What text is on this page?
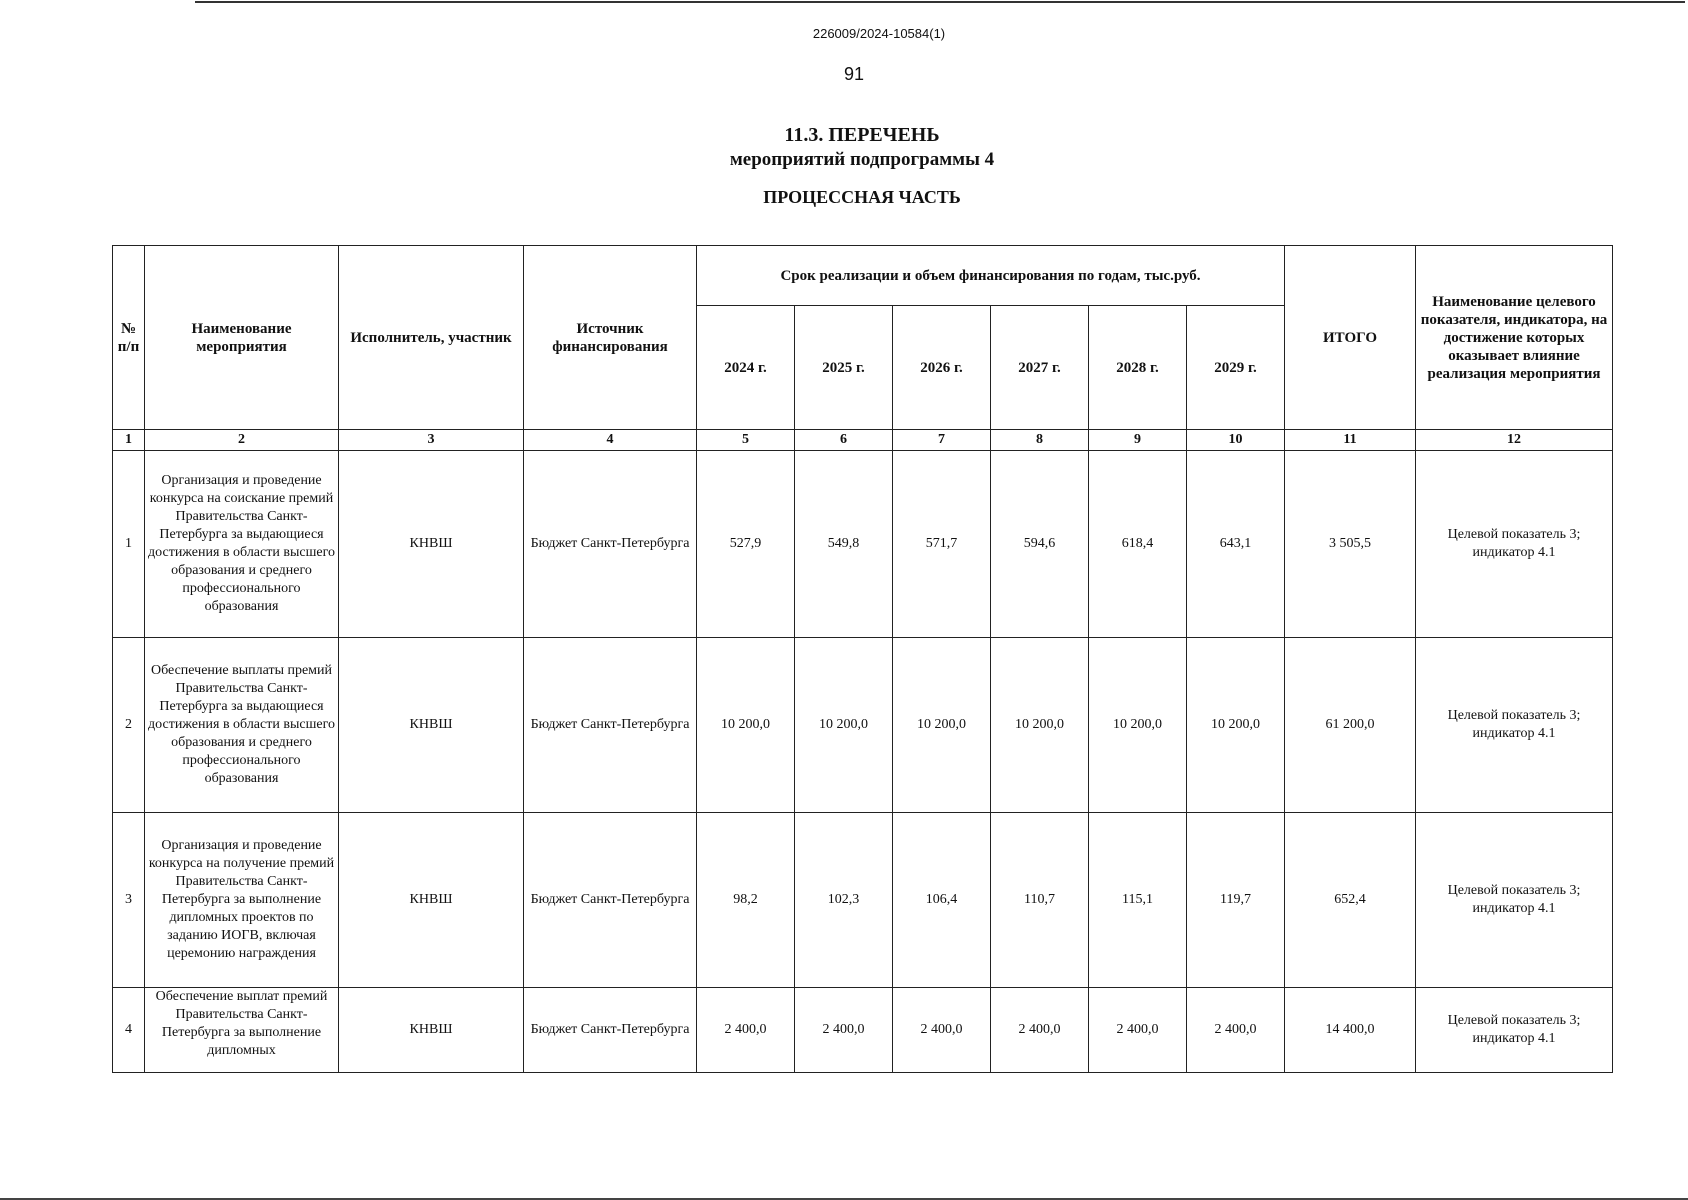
226009/2024-10584(1)
91
11.3. ПЕРЕЧЕНЬ
мероприятий подпрограммы 4
ПРОЦЕССНАЯ ЧАСТЬ
№ п/п	Наименование мероприятия	Исполнитель, участник	Источник финансирования	Срок реализации и объем финансирования по годам, тыс.руб.						ИТОГО	Наименование целевого показателя, индикатора, на достижение которых оказывает влияние реализация мероприятия
				2024 г.	2025 г.	2026 г.	2027 г.	2028 г.	2029 г.		
1	2	3	4	5	6	7	8	9	10	11	12
1	Организация и проведение конкурса на соискание премий Правительства Санкт-Петербурга за выдающиеся достижения в области высшего образования и среднего профессионального образования	КНВШ	Бюджет Санкт-Петербурга	527,9	549,8	571,7	594,6	618,4	643,1	3 505,5	Целевой показатель 3; индикатор 4.1
2	Обеспечение выплаты премий Правительства Санкт-Петербурга за выдающиеся достижения в области высшего образования и среднего профессионального образования	КНВШ	Бюджет Санкт-Петербурга	10 200,0	10 200,0	10 200,0	10 200,0	10 200,0	10 200,0	61 200,0	Целевой показатель 3; индикатор 4.1
3	Организация и проведение конкурса на получение премий Правительства Санкт-Петербурга за выполнение дипломных проектов по заданию ИОГВ, включая церемонию награждения	КНВШ	Бюджет Санкт-Петербурга	98,2	102,3	106,4	110,7	115,1	119,7	652,4	Целевой показатель 3; индикатор 4.1
4	Обеспечение выплат премий Правительства Санкт-Петербурга за выполнение дипломных	КНВШ	Бюджет Санкт-Петербурга	2 400,0	2 400,0	2 400,0	2 400,0	2 400,0	2 400,0	14 400,0	Целевой показатель 3; индикатор 4.1
